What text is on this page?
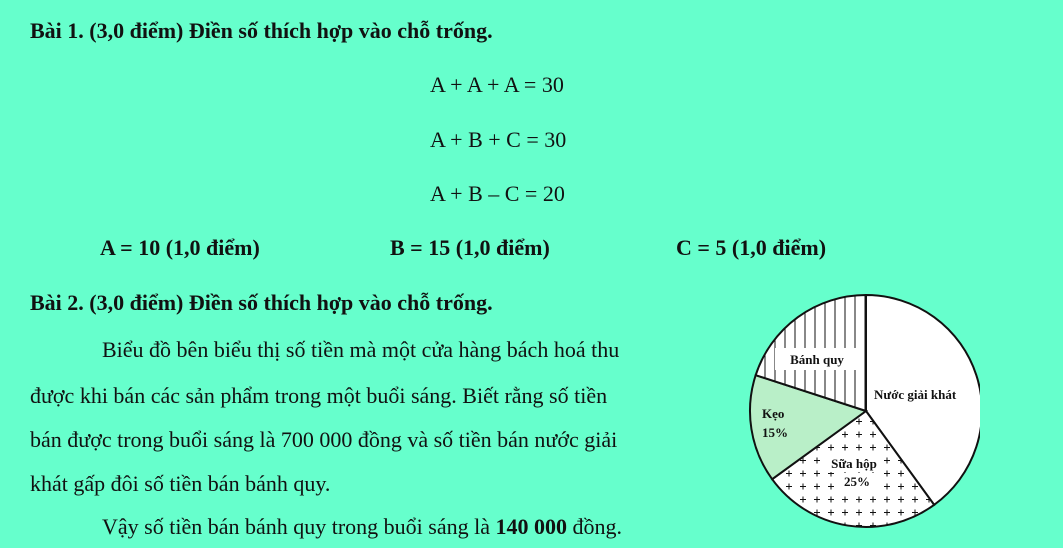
Bài 1. (3,0 điểm) Điền số thích hợp vào chỗ trống.
A + A + A = 30
A + B + C = 30
A + B – C = 20
A = 10 (1,0 điểm)	B = 15 (1,0 điểm)	C = 5 (1,0 điểm)
Bài 2. (3,0 điểm) Điền số thích hợp vào chỗ trống.
Biểu đồ bên biểu thị số tiền mà một cửa hàng bách hoá thu
được khi bán các sản phẩm trong một buổi sáng. Biết rằng số tiền
bán được trong buổi sáng là 700 000 đồng và số tiền bán nước giải
khát gấp đôi số tiền bán bánh quy.
Vậy số tiền bán bánh quy trong buổi sáng là 140 000 đồng.
Bánh quy
Nước giải khát
Kẹo
15%
Sữa hộp
25%
